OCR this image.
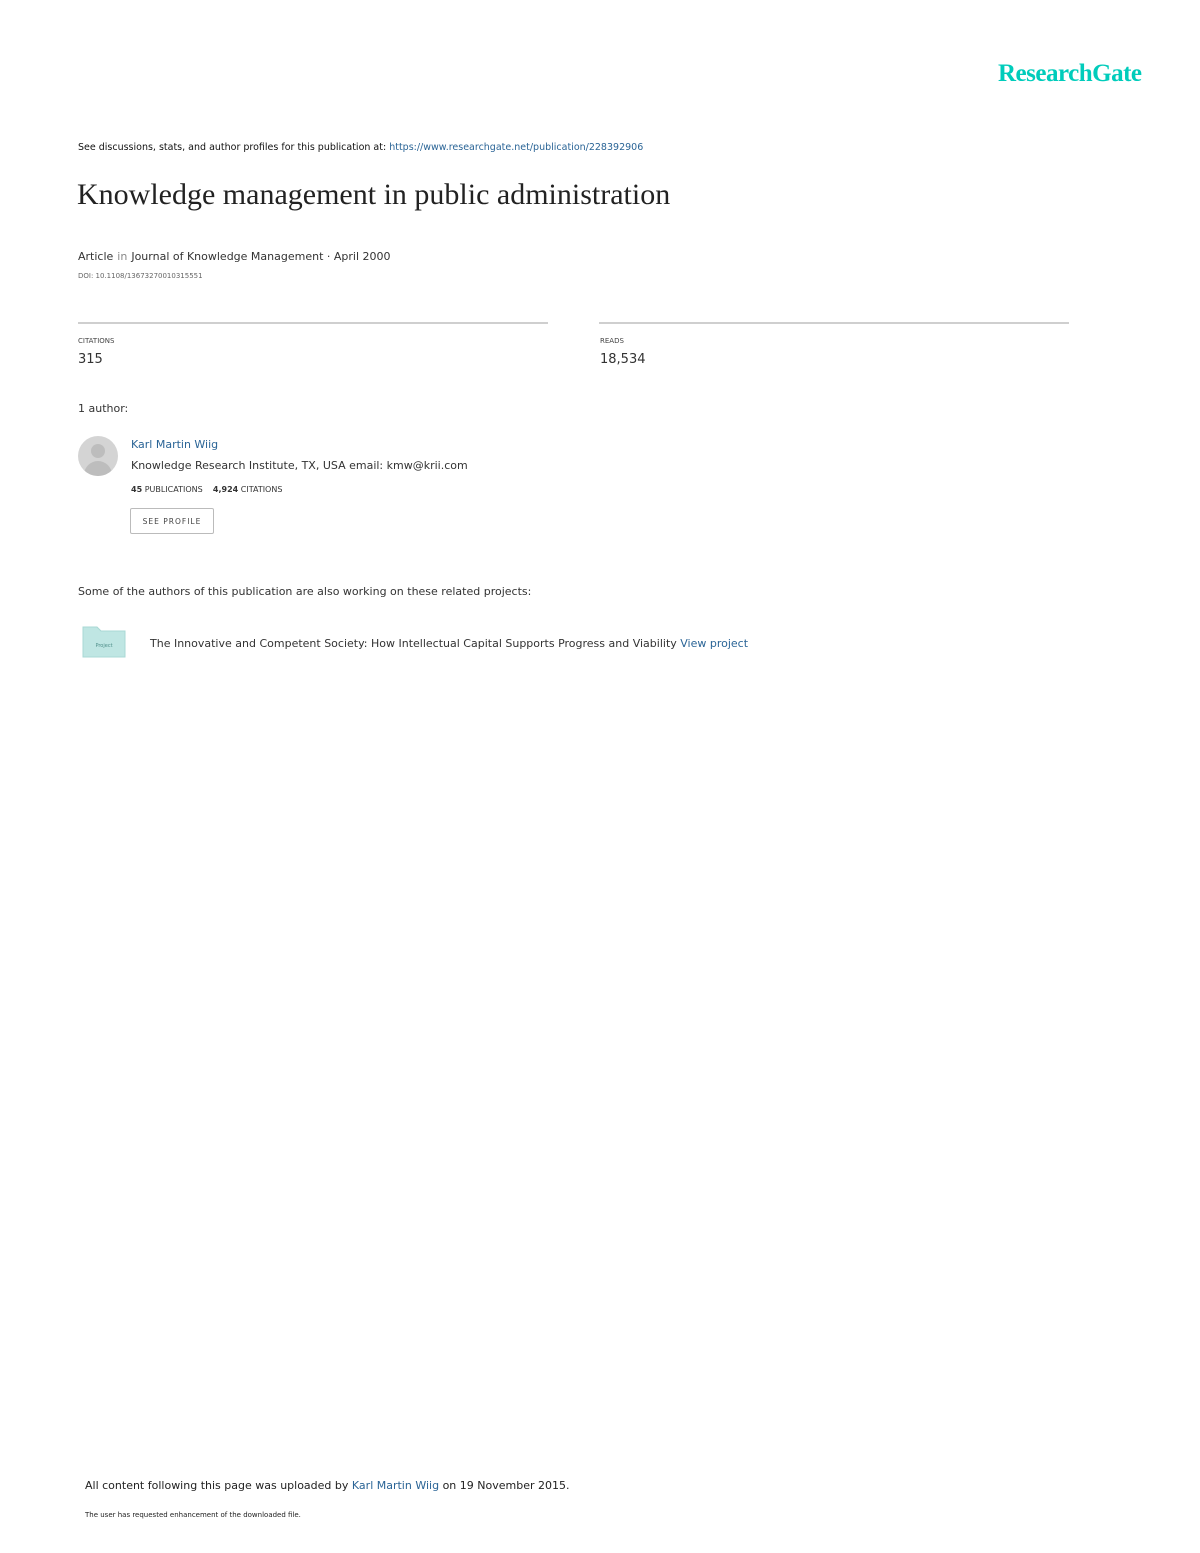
ResearchGate
See discussions, stats, and author profiles for this publication at: https://www.researchgate.net/publication/228392906
Knowledge management in public administration
Article in Journal of Knowledge Management · April 2000
DOI: 10.1108/13673270010315551
CITATIONS
315
READS
18,534
1 author:
Karl Martin Wiig
Knowledge Research Institute, TX, USA email: kmw@krii.com
45 PUBLICATIONS 4,924 CITATIONS
SEE PROFILE
Some of the authors of this publication are also working on these related projects:
Project	The Innovative and Competent Society: How Intellectual Capital Supports Progress and Viability View project
All content following this page was uploaded by Karl Martin Wiig on 19 November 2015.
The user has requested enhancement of the downloaded file.
